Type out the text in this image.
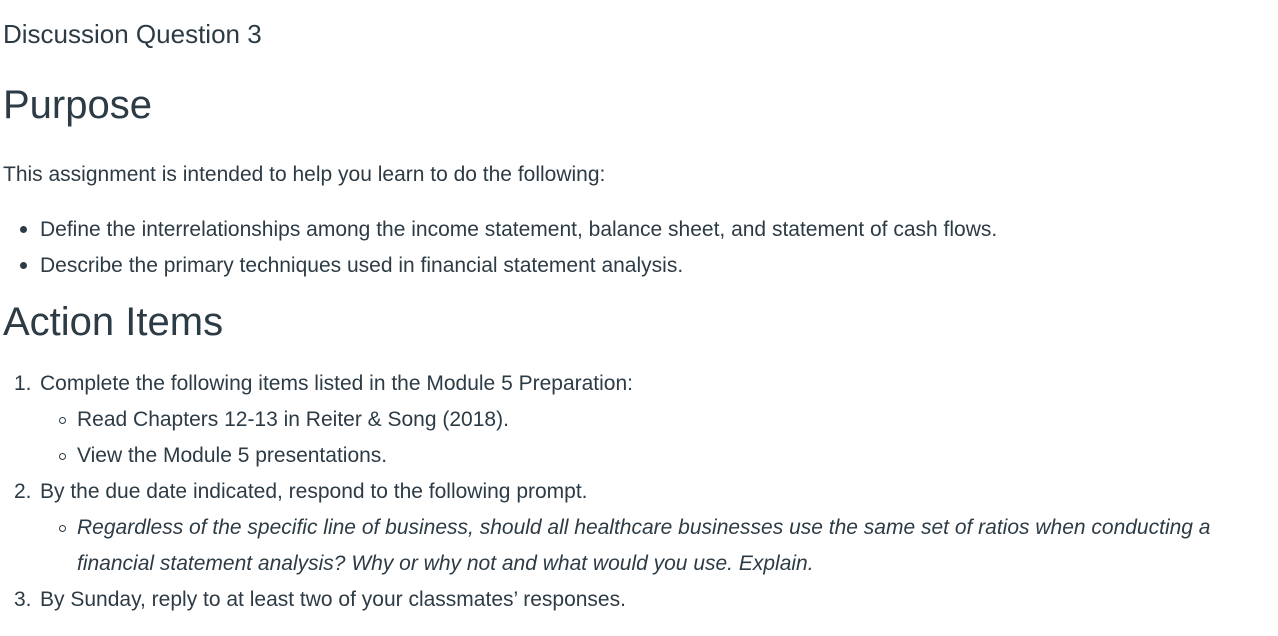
Discussion Question 3
Purpose

This assignment is intended to help you learn to do the following:

Define the interrelationships among the income statement, balance sheet, and statement of cash flows.
Describe the primary techniques used in financial statement analysis.
Action Items
1. Complete the following items listed in the Module 5 Preparation:
Read Chapters 12-13 in Reiter & Song (2018).
View the Module 5 presentations.
2. By the due date indicated, respond to the following prompt.
Regardless of the specific line of business, should all healthcare businesses use the same set of ratios when conducting a financial statement analysis? Why or why not and what would you use. Explain.
3. By Sunday, reply to at least two of your classmates’ responses.
